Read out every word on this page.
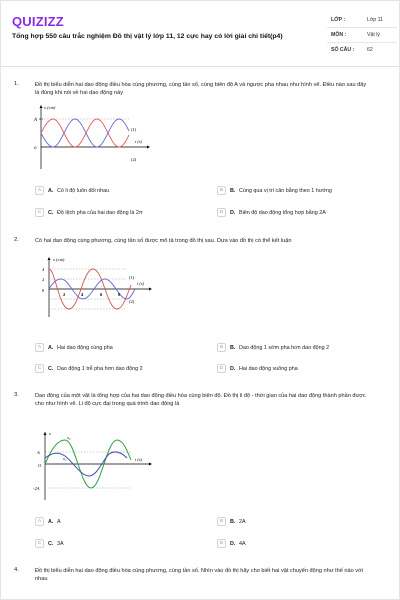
QUIZIZZ
Tổng hợp 550 câu trắc nghiệm Đồ thị vật lý lớp 11, 12 cực hay có lời giải chi tiết(p4)
LỚP :	Lớp 11
MÔN :	Vật lý
SỐ CÂU : 62
1.	Đồ thị biểu diễn hai dao động điều hòa cùng phương, cùng tần số, cùng biên độ A và ngược pha nhau như hình vẽ. Điều nào sau đây là đúng khi nói về hai dao động này
A
o
x (cm)
t (s)
(1)
(2)
A	A. Có li độ luôn đối nhau	B	B. Cùng qua vị trí cân bằng theo 1 hướng
C	C. Độ lệch pha của hai dao động là 2π	D	D. Biên độ dao động tổng hợp bằng 2A
2.	Có hai dao động cùng phương, cùng tần số được mô tả trong đồ thị sau. Dựa vào đồ thị có thể kết luận
x (cm)
4
2
0
2	4	6	8
t (s)
(1)
(2)
A	A. Hai dao động cùng pha	B	B. Dao động 1 sớm pha hơn dao động 2
C	C. Dao động 1 trễ pha hơn dao động 2	D	D. Hai dao động vuông pha
3.	Dao động của một vật là tổng hợp của hai dao động điều hòa cùng biên độ. Đồ thị li độ - thời gian của hai dao động thành phần được cho như hình vẽ. Li độ cực đại trong quá trình dao động là
x
A
O
-2A
x₂
x₁	t (s)
A	A. A	B	B. 2A
C	C. 3A	D	D. 4A
4.	Đồ thị biểu diễn hai dao động điều hòa cùng phương, cùng tần số. Nhìn vào đồ thị hãy cho biết hai vật chuyển động như thế nào với nhau
